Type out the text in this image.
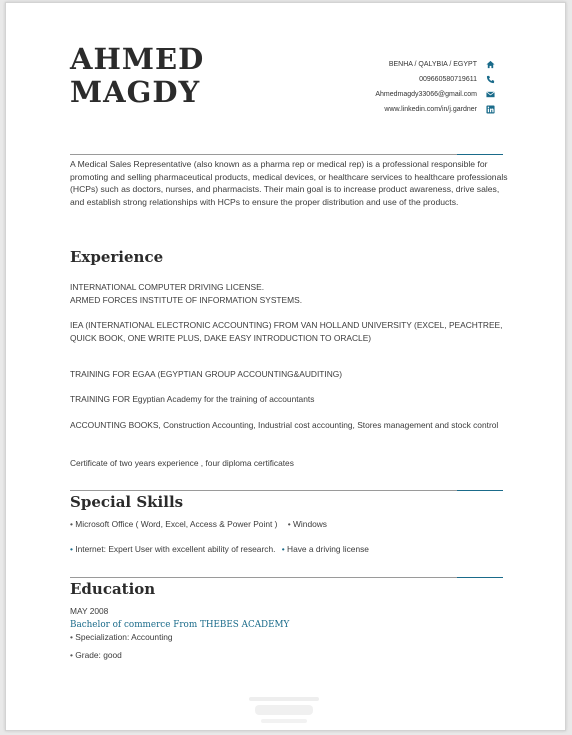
AHMED
MAGDY
BENHA / QALYBIA / EGYPT
00966058071961​1
Ahmedmagdy33066@gmail.com
www.linkedin.com/in/j.gardner
A Medical Sales Representative (also known as a pharma rep or medical rep) is a professional responsible for promoting and selling pharmaceutical products, medical devices, or healthcare services to healthcare professionals (HCPs) such as doctors, nurses, and pharmacists. Their main goal is to increase product awareness, drive sales, and establish strong relationships with HCPs to ensure the proper distribution and use of the products.
Experience
INTERNATIONAL COMPUTER DRIVING LICENSE.
ARMED FORCES INSTITUTE OF INFORMATION SYSTEMS.
IEA (INTERNATIONAL ELECTRONIC ACCOUNTING) FROM VAN HOLLAND UNIVERSITY (EXCEL, PEACHTREE, QUICK BOOK, ONE WRITE PLUS, DAKE EASY INTRODUCTION TO ORACLE)
TRAINING FOR EGAA (EGYPTIAN GROUP ACCOUNTING&AUDITING)
TRAINING FOR Egyptian Academy for the training of accountants
ACCOUNTING BOOKS, Construction Accounting, Industrial cost accounting, Stores management and stock control
Certificate of two years experience , four diploma certificates
Special Skills
• Microsoft Office ( Word, Excel, Access & Power Point ) • Windows
• Internet: Expert User with excellent ability of research. • Have a driving license
Education
MAY 2008
Bachelor of commerce From THEBES ACADEMY
• Specialization: Accounting
• Grade: good
